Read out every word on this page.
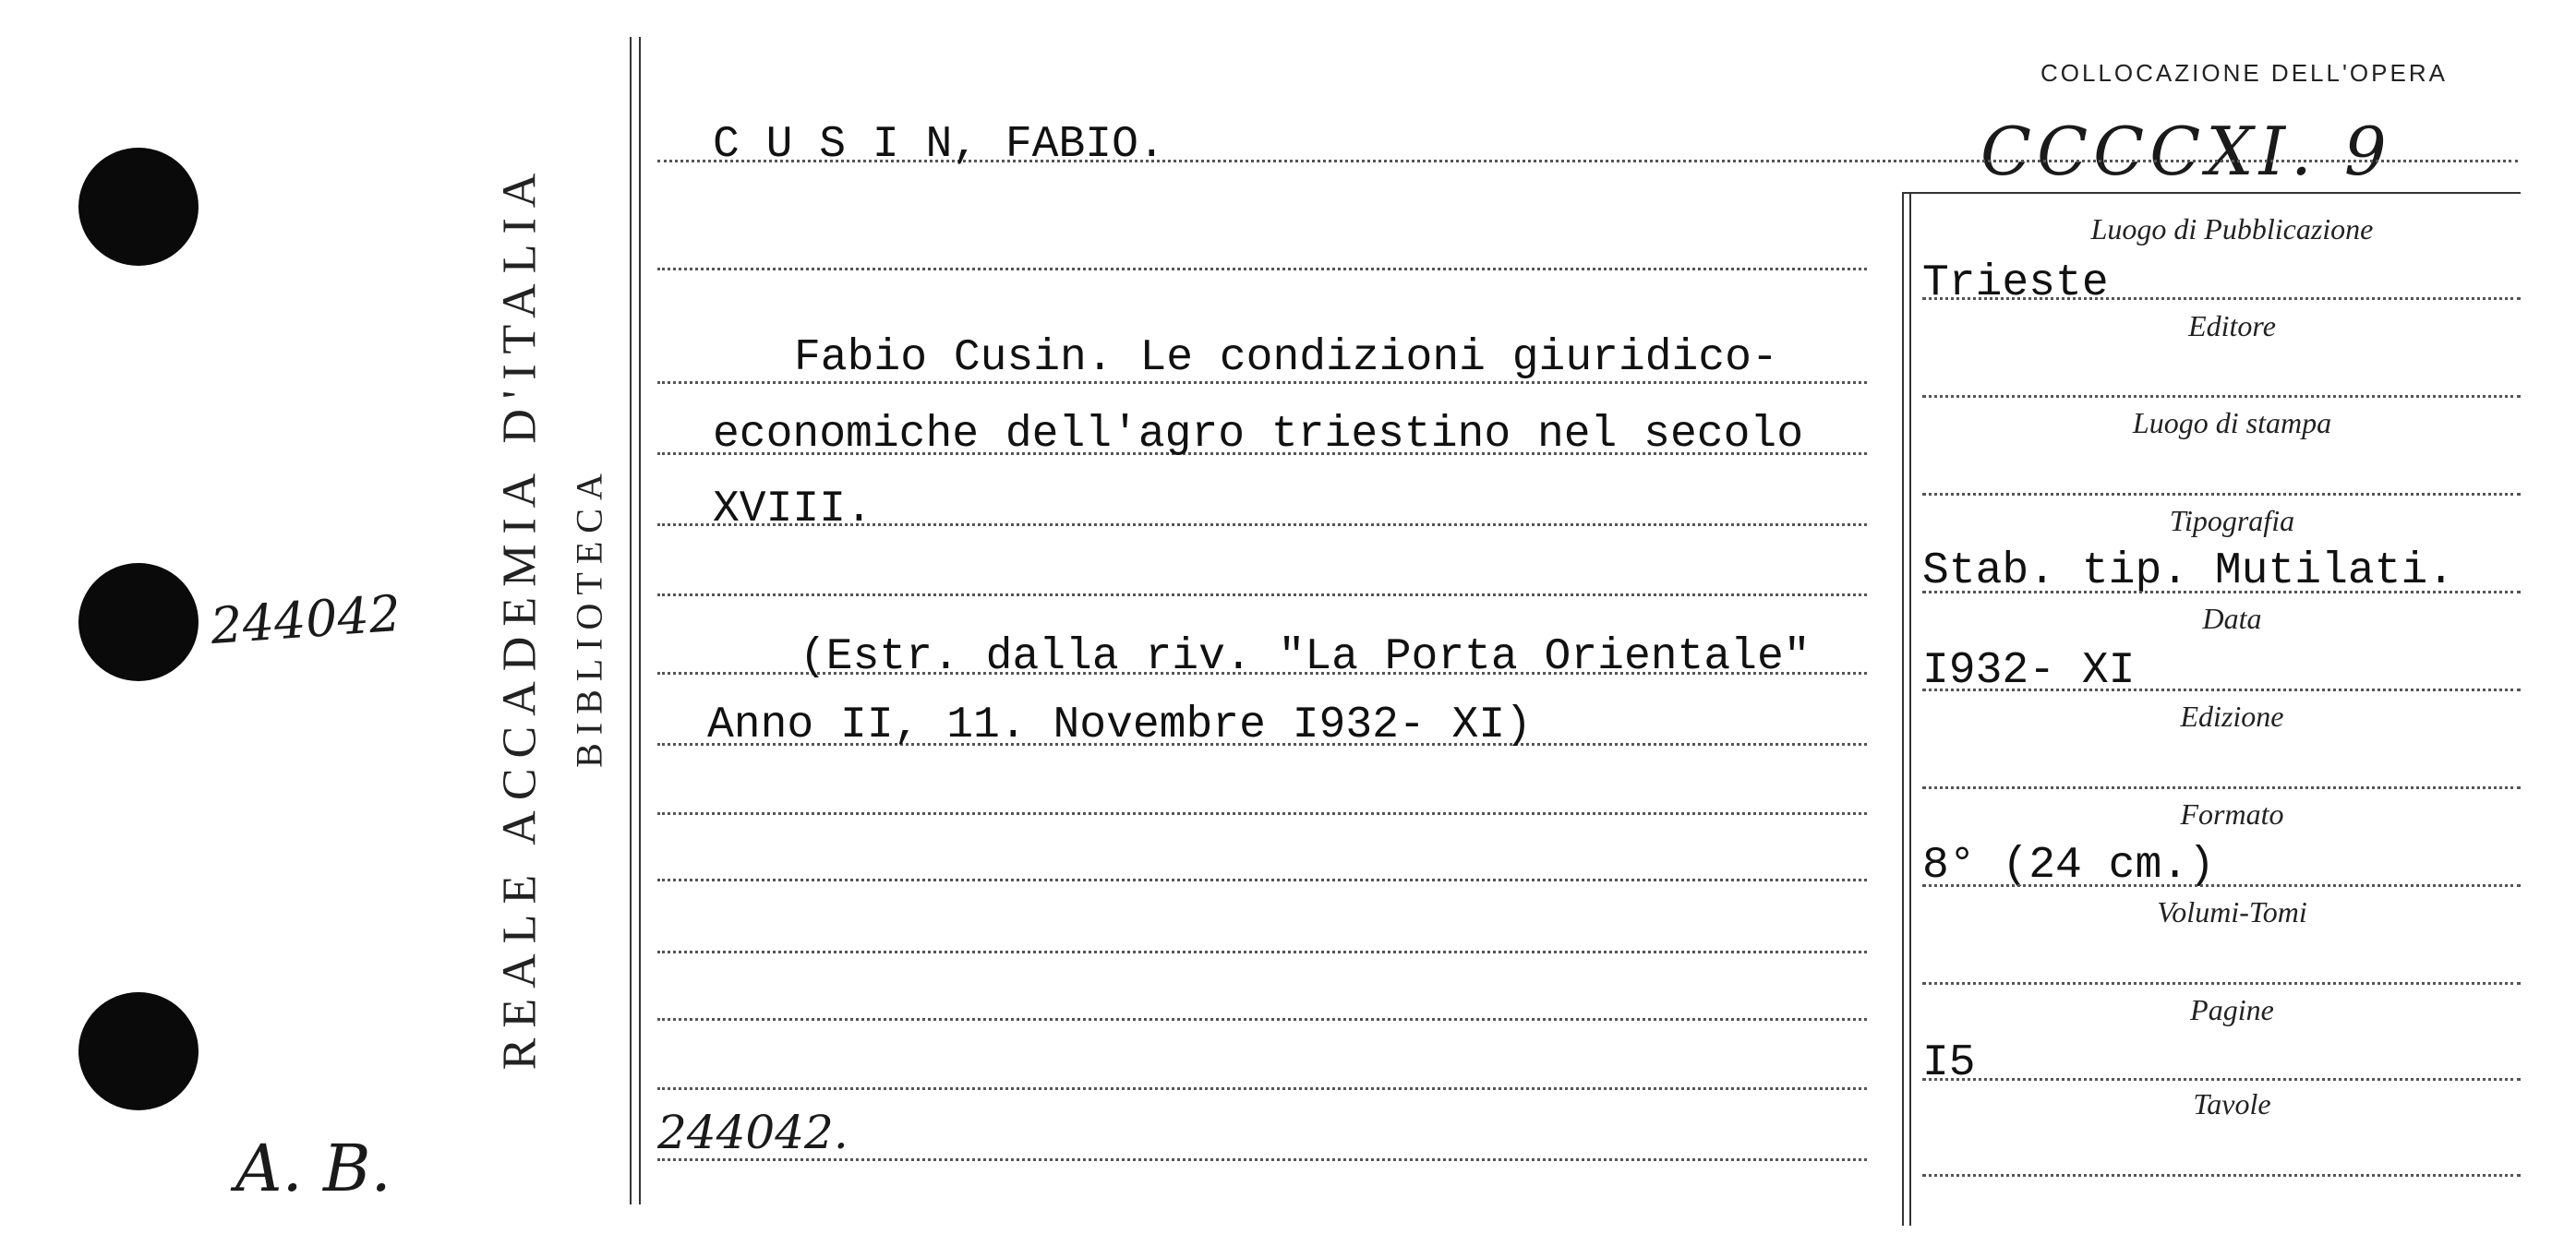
244042
A. B.
REALE ACCADEMIA D'ITALIA BIBLIOTECA
COLLOCAZIONE DELL'OPERA
CCCCXI. 9
C U S I N, FABIO.
Fabio Cusin. Le condizioni giuridico-
economiche dell'agro triestino nel secolo
XVIII.
(Estr. dalla riv. "La Porta Orientale"
Anno II, 11. Novembre I932- XI)
244042.
Luogo di Pubblicazione
Trieste
Editore
Luogo di stampa
Tipografia
Stab. tip. Mutilati.
Data
I932- XI
Edizione
Formato
8° (24 cm.)
Volumi-Tomi
Pagine
I5
Tavole
